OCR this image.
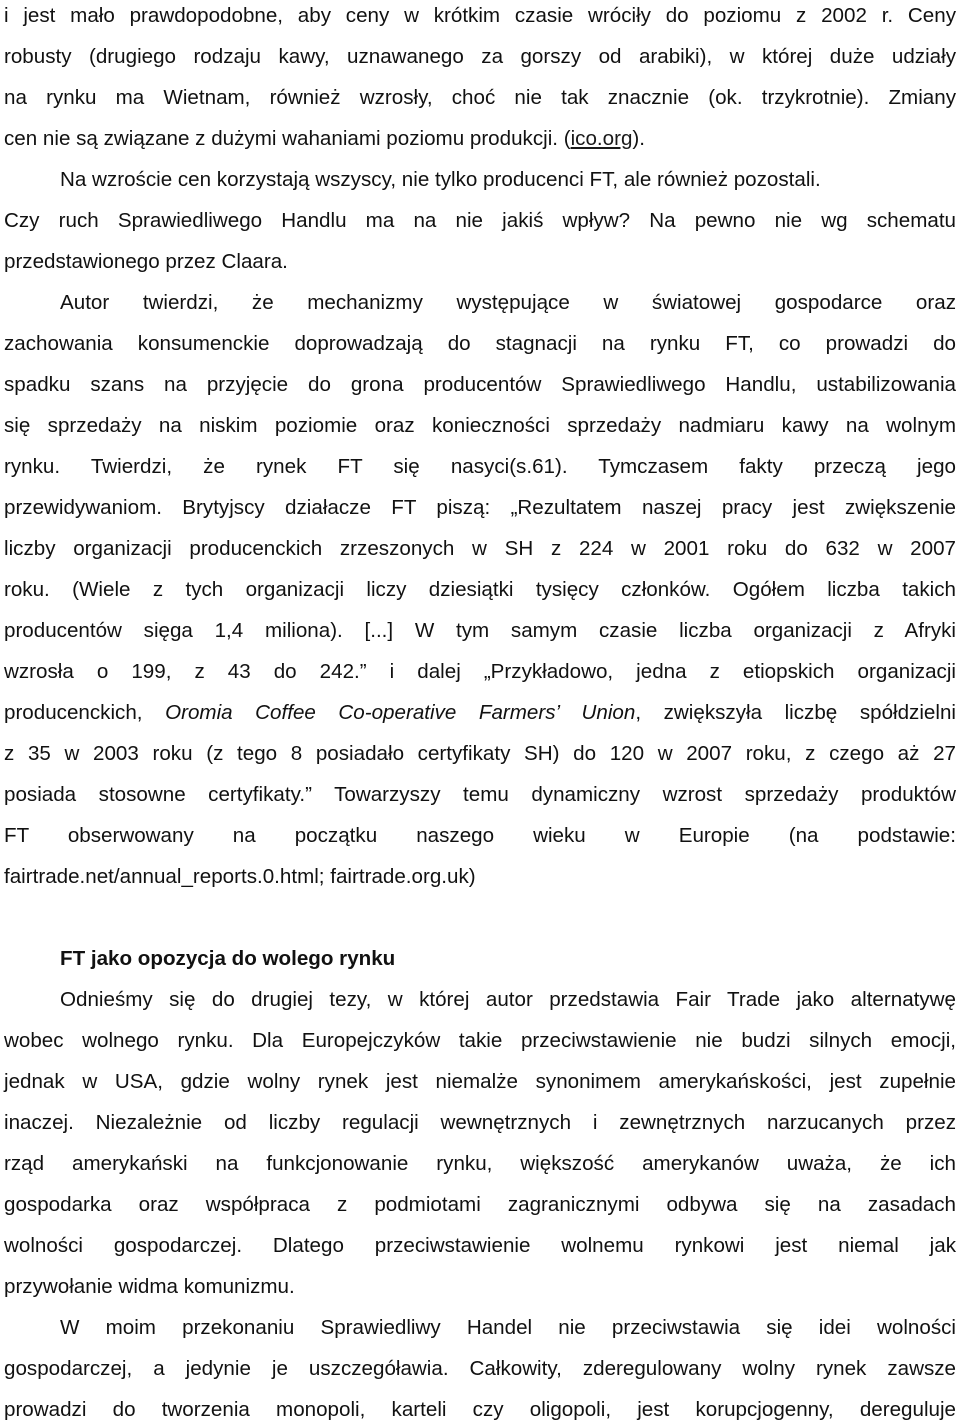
i jest mało prawdopodobne, aby ceny w krótkim czasie wróciły do poziomu z 2002 r. Ceny
robusty (drugiego rodzaju kawy, uznawanego za gorszy od arabiki), w której duże udziały
na rynku ma Wietnam, również wzrosły, choć nie tak znacznie (ok. trzykrotnie). Zmiany
cen nie są związane z dużymi wahaniami poziomu produkcji. (ico.org).
Na wzroście cen korzystają wszyscy, nie tylko producenci FT, ale również pozostali.
Czy ruch Sprawiedliwego Handlu ma na nie jakiś wpływ? Na pewno nie wg schematu
przedstawionego przez Claara.
Autor twierdzi, że mechanizmy występujące w światowej gospodarce oraz
zachowania konsumenckie doprowadzają do stagnacji na rynku FT, co prowadzi do
spadku szans na przyjęcie do grona producentów Sprawiedliwego Handlu, ustabilizowania
się sprzedaży na niskim poziomie oraz konieczności sprzedaży nadmiaru kawy na wolnym
rynku. Twierdzi, że rynek FT się nasyci(s.61). Tymczasem fakty przeczą jego
przewidywaniom. Brytyjscy działacze FT piszą: „Rezultatem naszej pracy jest zwiększenie
liczby organizacji producenckich zrzeszonych w SH z 224 w 2001 roku do 632 w 2007
roku. (Wiele z tych organizacji liczy dziesiątki tysięcy członków. Ogółem liczba takich
producentów sięga 1,4 miliona). [...] W tym samym czasie liczba organizacji z Afryki
wzrosła o 199, z 43 do 242.” i dalej „Przykładowo, jedna z etiopskich organizacji
producenckich, Oromia Coffee Co-operative Farmers’ Union, zwiększyła liczbę spółdzielni
z 35 w 2003 roku (z tego 8 posiadało certyfikaty SH) do 120 w 2007 roku, z czego aż 27
posiada stosowne certyfikaty.” Towarzyszy temu dynamiczny wzrost sprzedaży produktów
FT obserwowany na początku naszego wieku w Europie (na podstawie:
fairtrade.net/annual_reports.0.html; fairtrade.org.uk)
FT jako opozycja do wolego rynku
Odnieśmy się do drugiej tezy, w której autor przedstawia Fair Trade jako alternatywę
wobec wolnego rynku. Dla Europejczyków takie przeciwstawienie nie budzi silnych emocji,
jednak w USA, gdzie wolny rynek jest niemalże synonimem amerykańskości, jest zupełnie
inaczej. Niezależnie od liczby regulacji wewnętrznych i zewnętrznych narzucanych przez
rząd amerykański na funkcjonowanie rynku, większość amerykanów uważa, że ich
gospodarka oraz współpraca z podmiotami zagranicznymi odbywa się na zasadach
wolności gospodarczej. Dlatego przeciwstawienie wolnemu rynkowi jest niemal jak
przywołanie widma komunizmu.
W moim przekonaniu Sprawiedliwy Handel nie przeciwstawia się idei wolności
gospodarczej, a jedynie je uszczegóławia. Całkowity, zderegulowany wolny rynek zawsze
prowadzi do tworzenia monopoli, karteli czy oligopoli, jest korupcjogenny, dereguluje
